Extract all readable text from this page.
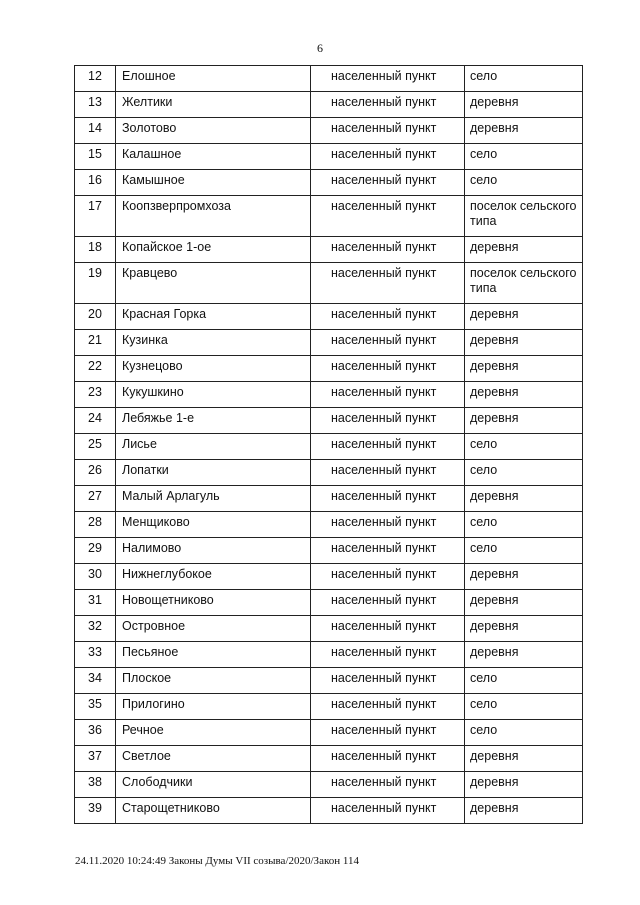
6
12	Елошное	населенный пункт	село
13	Желтики	населенный пункт	деревня
14	Золотово	населенный пункт	деревня
15	Калашное	населенный пункт	село
16	Камышное	населенный пункт	село
17	Коопзверпромхоза	населенный пункт	поселок сельского типа
18	Копайское 1-ое	населенный пункт	деревня
19	Кравцево	населенный пункт	поселок сельского типа
20	Красная Горка	населенный пункт	деревня
21	Кузинка	населенный пункт	деревня
22	Кузнецово	населенный пункт	деревня
23	Кукушкино	населенный пункт	деревня
24	Лебяжье 1-е	населенный пункт	деревня
25	Лисье	населенный пункт	село
26	Лопатки	населенный пункт	село
27	Малый Арлагуль	населенный пункт	деревня
28	Менщиково	населенный пункт	село
29	Налимово	населенный пункт	село
30	Нижнеглубокое	населенный пункт	деревня
31	Новощетниково	населенный пункт	деревня
32	Островное	населенный пункт	деревня
33	Песьяное	населенный пункт	деревня
34	Плоское	населенный пункт	село
35	Прилогино	населенный пункт	село
36	Речное	населенный пункт	село
37	Светлое	населенный пункт	деревня
38	Слободчики	населенный пункт	деревня
39	Старощетниково	населенный пункт	деревня
24.11.2020 10:24:49 Законы Думы VII созыва/2020/Закон 114
